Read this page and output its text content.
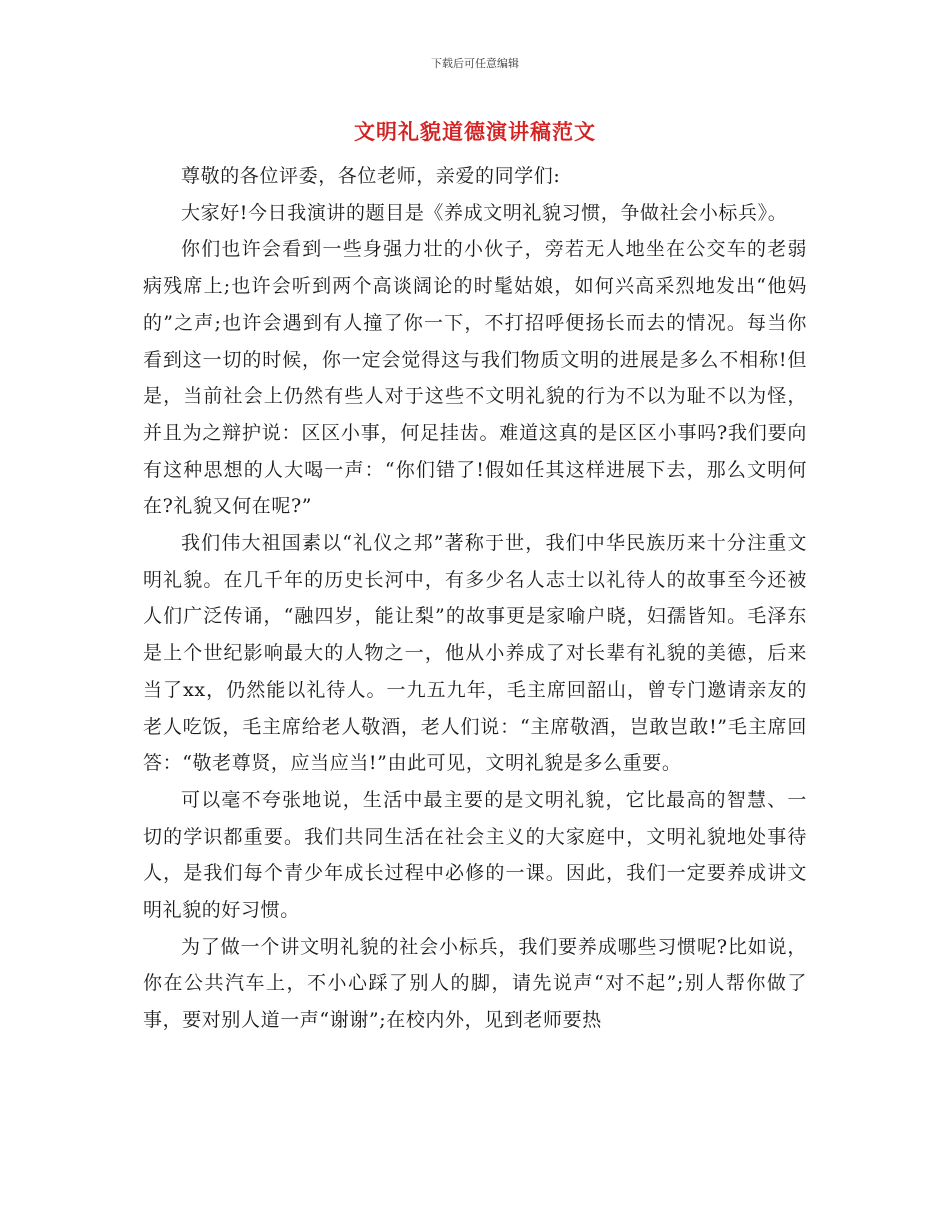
下载后可任意编辑
文明礼貌道德演讲稿范文

尊敬的各位评委，各位老师，亲爱的同学们:

大家好!今日我演讲的题目是《养成文明礼貌习惯，争做社会小标兵》。

你们也许会看到一些身强力壮的小伙子，旁若无人地坐在公交车的老弱病残席上;也许会听到两个高谈阔论的时髦姑娘，如何兴高采烈地发出“他妈的”之声;也许会遇到有人撞了你一下，不打招呼便扬长而去的情况。每当你看到这一切的时候，你一定会觉得这与我们物质文明的进展是多么不相称!但是，当前社会上仍然有些人对于这些不文明礼貌的行为不以为耻不以为怪，并且为之辩护说：区区小事，何足挂齿。难道这真的是区区小事吗?我们要向有这种思想的人大喝一声：“你们错了!假如任其这样进展下去，那么文明何在?礼貌又何在呢?”

我们伟大祖国素以“礼仪之邦”著称于世，我们中华民族历来十分注重文明礼貌。在几千年的历史长河中，有多少名人志士以礼待人的故事至今还被人们广泛传诵，“融四岁，能让梨”的故事更是家喻户晓，妇孺皆知。毛泽东是上个世纪影响最大的人物之一，他从小养成了对长辈有礼貌的美德，后来当了xx，仍然能以礼待人。一九五九年，毛主席回韶山，曾专门邀请亲友的老人吃饭，毛主席给老人敬酒，老人们说：“主席敬酒，岂敢岂敢!”毛主席回答：“敬老尊贤，应当应当!”由此可见，文明礼貌是多么重要。

可以毫不夸张地说，生活中最主要的是文明礼貌，它比最高的智慧、一切的学识都重要。我们共同生活在社会主义的大家庭中，文明礼貌地处事待人，是我们每个青少年成长过程中必修的一课。因此，我们一定要养成讲文明礼貌的好习惯。

为了做一个讲文明礼貌的社会小标兵，我们要养成哪些习惯呢?比如说，你在公共汽车上，不小心踩了别人的脚，请先说声“对不起”;别人帮你做了事，要对别人道一声“谢谢”;在校内外，见到老师要热
